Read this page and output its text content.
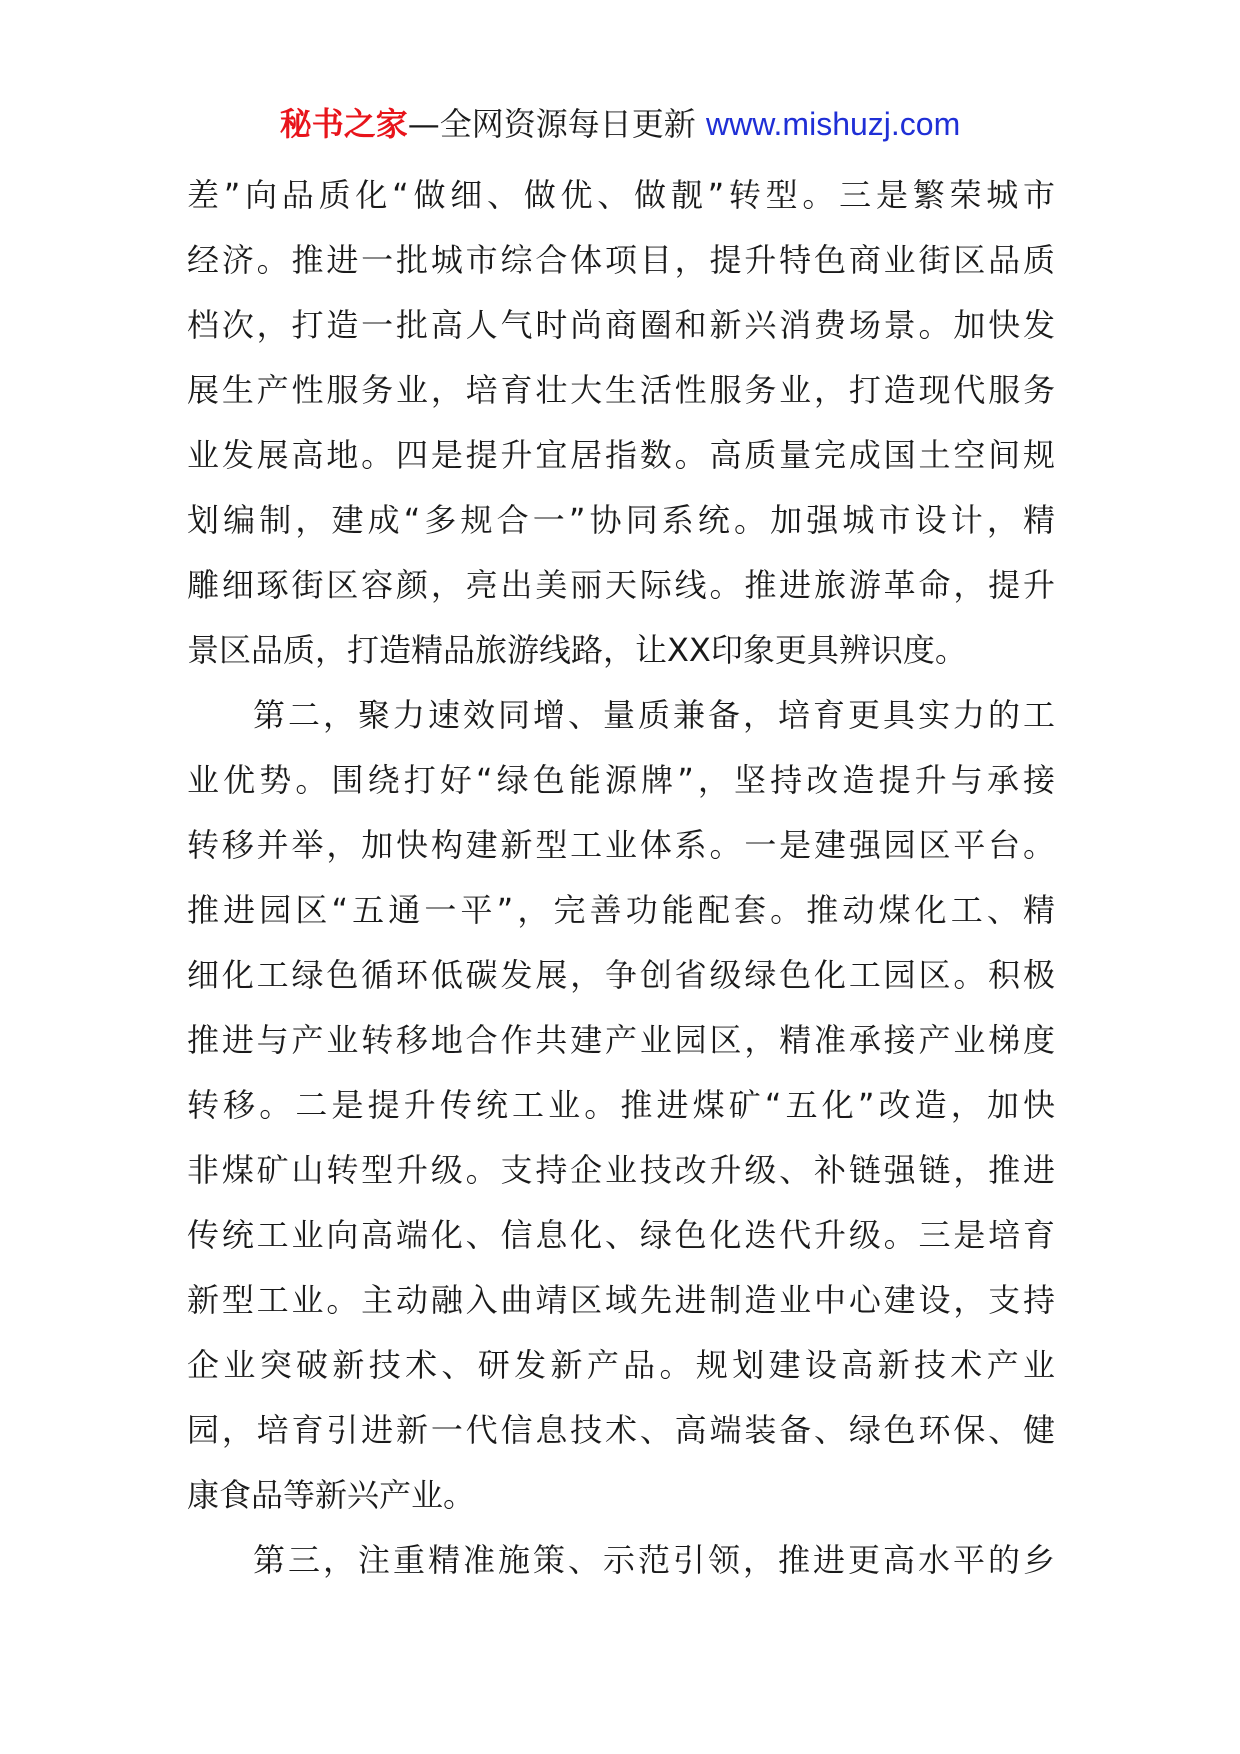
秘书之家—全网资源每日更新 www.mishuzj.com
差”向品质化“做细、做优、做靓”转型。三是繁荣城市
经济。推进一批城市综合体项目，提升特色商业街区品质
档次，打造一批高人气时尚商圈和新兴消费场景。加快发
展生产性服务业，培育壮大生活性服务业，打造现代服务
业发展高地。四是提升宜居指数。高质量完成国土空间规
划编制，建成“多规合一”协同系统。加强城市设计，精
雕细琢街区容颜，亮出美丽天际线。推进旅游革命，提升
景区品质，打造精品旅游线路，让XX印象更具辨识度。
第二，聚力速效同增、量质兼备，培育更具实力的工
业优势。围绕打好“绿色能源牌”，坚持改造提升与承接
转移并举，加快构建新型工业体系。一是建强园区平台。
推进园区“五通一平”，完善功能配套。推动煤化工、精
细化工绿色循环低碳发展，争创省级绿色化工园区。积极
推进与产业转移地合作共建产业园区，精准承接产业梯度
转移。二是提升传统工业。推进煤矿“五化”改造，加快
非煤矿山转型升级。支持企业技改升级、补链强链，推进
传统工业向高端化、信息化、绿色化迭代升级。三是培育
新型工业。主动融入曲靖区域先进制造业中心建设，支持
企业突破新技术、研发新产品。规划建设高新技术产业
园，培育引进新一代信息技术、高端装备、绿色环保、健
康食品等新兴产业。
第三，注重精准施策、示范引领，推进更高水平的乡
